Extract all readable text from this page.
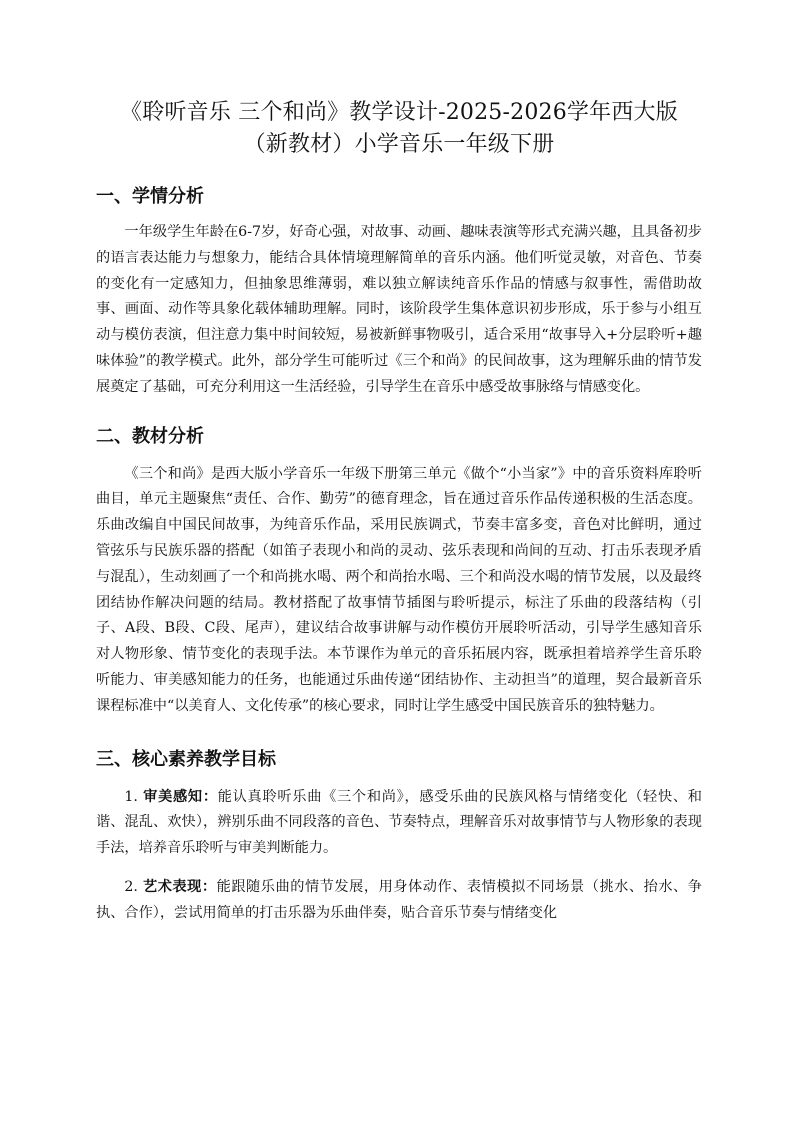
《聆听音乐 三个和尚》教学设计-2025-2026学年西大版
（新教材）小学音乐一年级下册
一、学情分析

一年级学生年龄在6-7岁，好奇心强，对故事、动画、趣味表演等形式充满兴趣，且具备初步的语言表达能力与想象力，能结合具体情境理解简单的音乐内涵。他们听觉灵敏，对音色、节奏的变化有一定感知力，但抽象思维薄弱，难以独立解读纯音乐作品的情感与叙事性，需借助故事、画面、动作等具象化载体辅助理解。同时，该阶段学生集体意识初步形成，乐于参与小组互动与模仿表演，但注意力集中时间较短，易被新鲜事物吸引，适合采用“故事导入+分层聆听+趣味体验”的教学模式。此外，部分学生可能听过《三个和尚》的民间故事，这为理解乐曲的情节发展奠定了基础，可充分利用这一生活经验，引导学生在音乐中感受故事脉络与情感变化。

二、教材分析

《三个和尚》是西大版小学音乐一年级下册第三单元《做个“小当家”》中的音乐资料库聆听曲目，单元主题聚焦“责任、合作、勤劳”的德育理念，旨在通过音乐作品传递积极的生活态度。乐曲改编自中国民间故事，为纯音乐作品，采用民族调式，节奏丰富多变，音色对比鲜明，通过管弦乐与民族乐器的搭配（如笛子表现小和尚的灵动、弦乐表现和尚间的互动、打击乐表现矛盾与混乱），生动刻画了一个和尚挑水喝、两个和尚抬水喝、三个和尚没水喝的情节发展，以及最终团结协作解决问题的结局。教材搭配了故事情节插图与聆听提示，标注了乐曲的段落结构（引子、A段、B段、C段、尾声），建议结合故事讲解与动作模仿开展聆听活动，引导学生感知音乐对人物形象、情节变化的表现手法。本节课作为单元的音乐拓展内容，既承担着培养学生音乐聆听能力、审美感知能力的任务，也能通过乐曲传递“团结协作、主动担当”的道理，契合最新音乐课程标准中“以美育人、文化传承”的核心要求，同时让学生感受中国民族音乐的独特魅力。

三、核心素养教学目标

1. 审美感知：能认真聆听乐曲《三个和尚》，感受乐曲的民族风格与情绪变化（轻快、和谐、混乱、欢快），辨别乐曲不同段落的音色、节奏特点，理解音乐对故事情节与人物形象的表现手法，培养音乐聆听与审美判断能力。

2. 艺术表现：能跟随乐曲的情节发展，用身体动作、表情模拟不同场景（挑水、抬水、争执、合作），尝试用简单的打击乐器为乐曲伴奏，贴合音乐节奏与情绪变化
